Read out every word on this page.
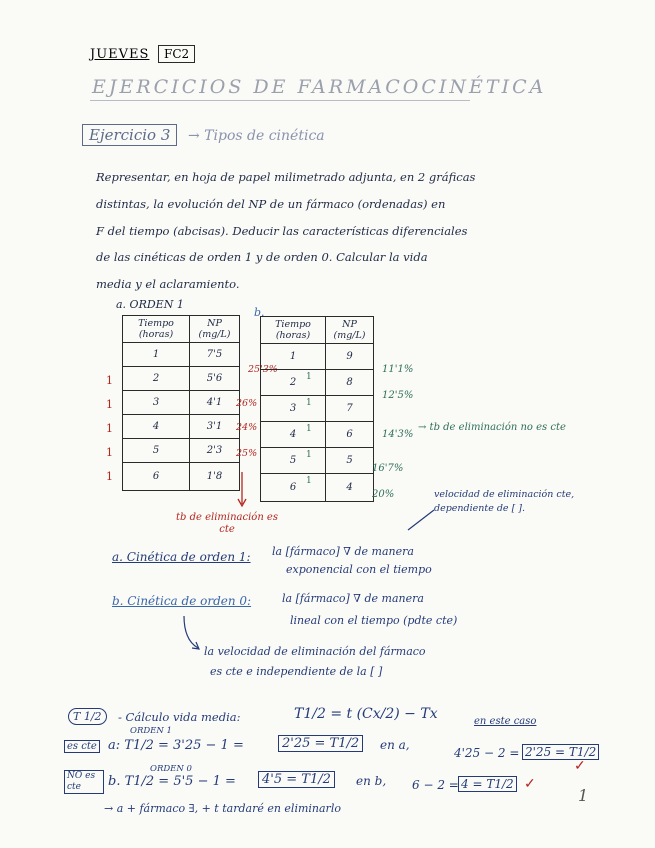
JUEVES	FC2
EJERCICIOS DE FARMACOCINÉTICA
Ejercicio 3	→ Tipos de cinética
Representar, en hoja de papel milimetrado adjunta, en 2 gráficas
distintas, la evolución del NP de un fármaco (ordenadas) en
F del tiempo (abcisas). Deducir las características diferenciales
de las cinéticas de orden 1 y de orden 0. Calcular la vida
media y el aclaramiento.
a. ORDEN 1
Tiempo (horas)	NP (mg/L)
1	7'5
2	5'6
3	4'1
4	3'1
5	2'3
6	1'8
1
1
1
1
1
25'3%
26%
24%
25%
tb de eliminación es cte
b.
Tiempo (horas)	NP (mg/L)
1	9
2	8
3	7
4	6
5	5
6	4
1
1
1
1
1
11'1%
12'5%
14'3%
16'7%
20%
→ tb de eliminación no es cte
velocidad de eliminación cte, dependiente de [ ].
a. Cinética de orden 1: la [fármaco] ∇ de manera
exponencial con el tiempo
b. Cinética de orden 0:	la [fármaco] ∇ de manera
lineal con el tiempo (pdte cte)
la velocidad de eliminación del fármaco
es cte e independiente de la [ ]
T 1/2	- Cálculo vida media:	T1/2 = t (Cx/2) − Tx	en este caso
ORDEN 1
es cte a: T1/2 = 3'25 − 1 =	2'25 = T1/2	en a,
4'25 − 2 = 2'25 = T1/2
✓
ORDEN 0
NO es cte	b. T1/2 = 5'5 − 1 =	4'5 = T1/2	en b, 6 − 2 = 4 = T1/2 ✓
→ a + fármaco ∃, + t tardaré en eliminarlo
1
